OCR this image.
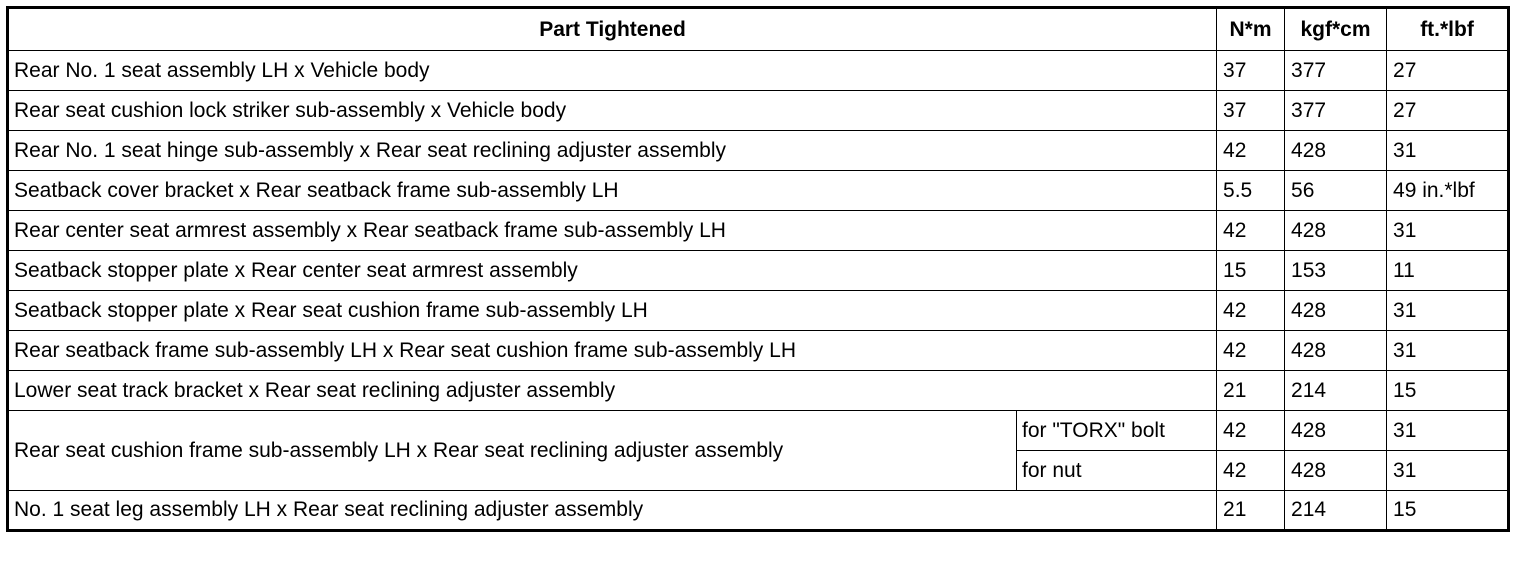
Part Tightened		N*m	kgf*cm	ft.*lbf
Rear No. 1 seat assembly LH x Vehicle body		37	377	27
Rear seat cushion lock striker sub-assembly x Vehicle body		37	377	27
Rear No. 1 seat hinge sub-assembly x Rear seat reclining adjuster assembly		42	428	31
Seatback cover bracket x Rear seatback frame sub-assembly LH		5.5	56	49 in.*lbf
Rear center seat armrest assembly x Rear seatback frame sub-assembly LH		42	428	31
Seatback stopper plate x Rear center seat armrest assembly		15	153	11
Seatback stopper plate x Rear seat cushion frame sub-assembly LH		42	428	31
Rear seatback frame sub-assembly LH x Rear seat cushion frame sub-assembly LH		42	428	31
Lower seat track bracket x Rear seat reclining adjuster assembly		21	214	15
Rear seat cushion frame sub-assembly LH x Rear seat reclining adjuster assembly	for "TORX" bolt	42	428	31
	for nut	42	428	31
No. 1 seat leg assembly LH x Rear seat reclining adjuster assembly		21	214	15
